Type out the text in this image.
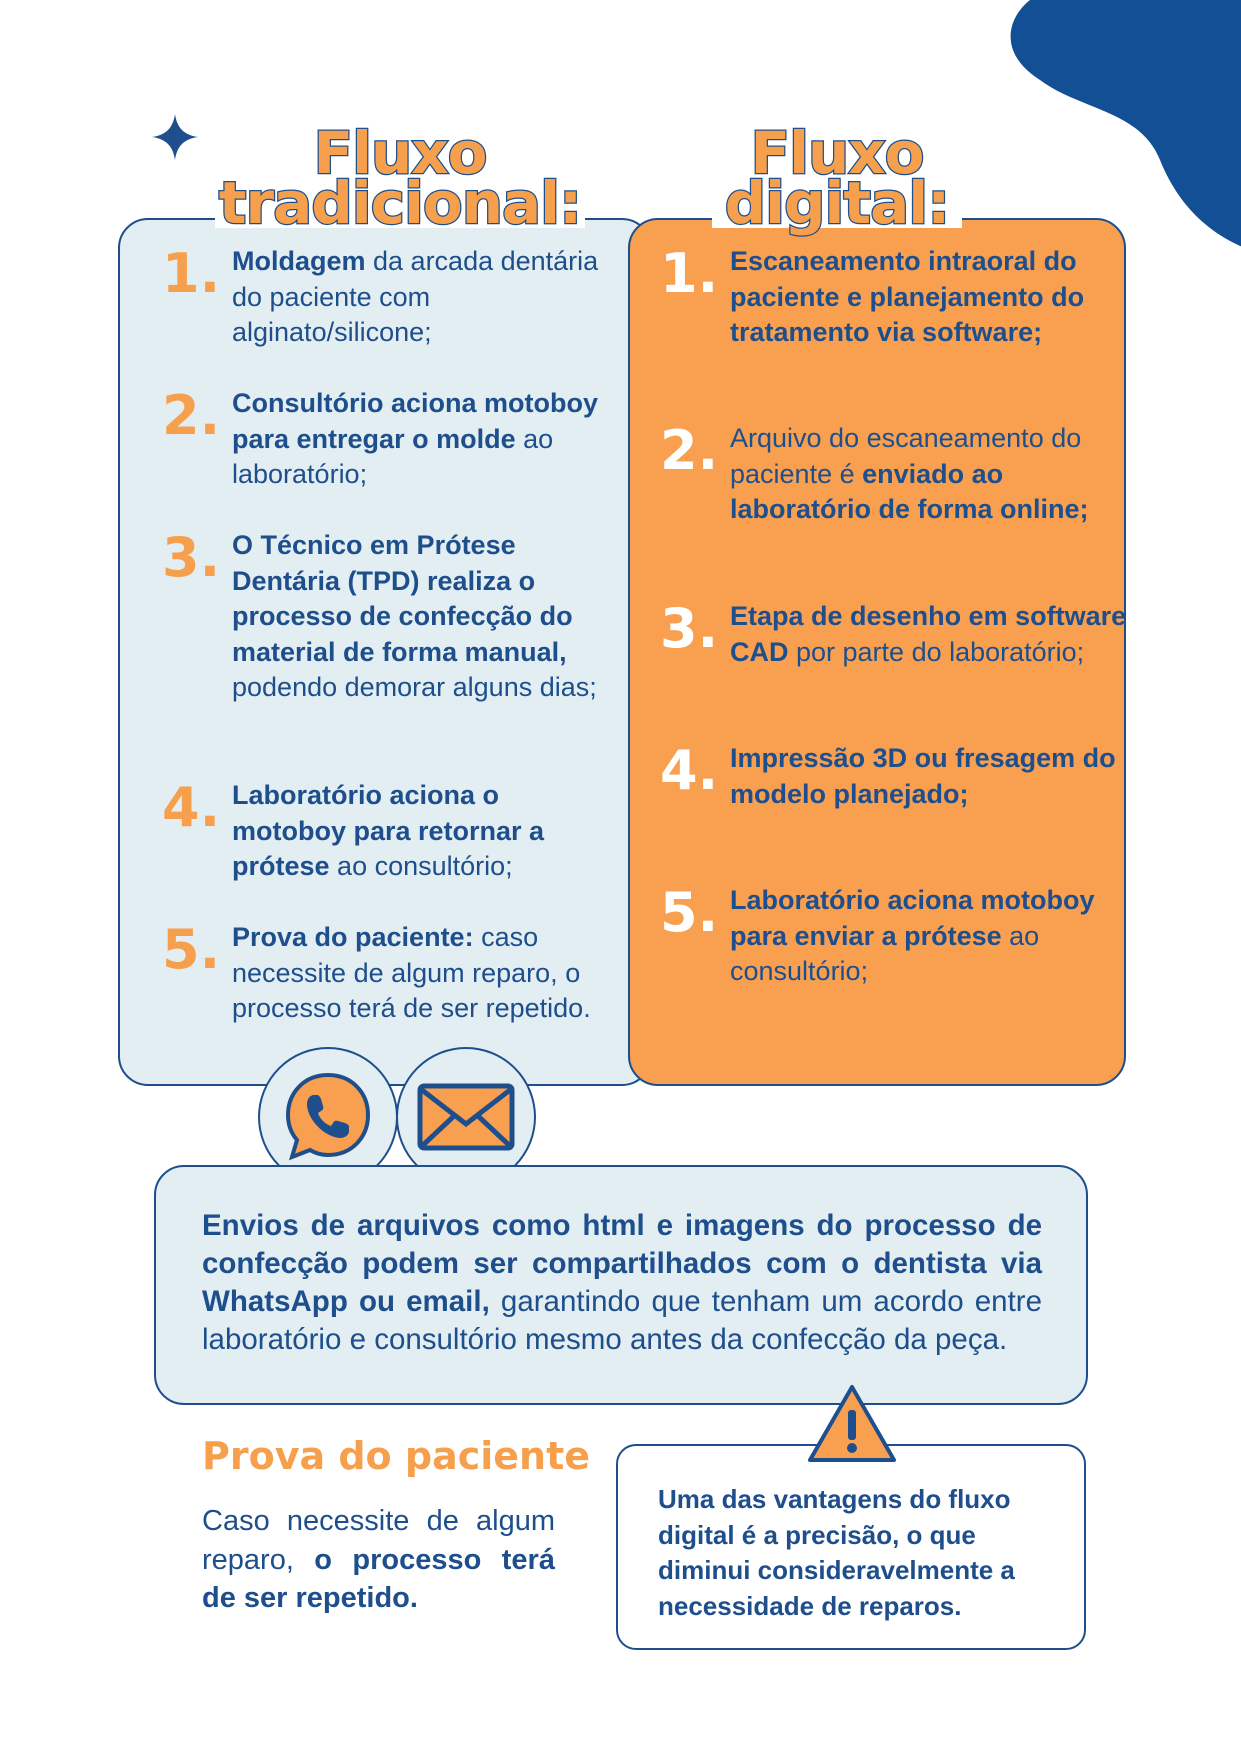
Fluxo
tradicional:
Fluxo
digital:
1. Moldagem da arcada dentária do paciente com alginato/silicone;
2. Consultório aciona motoboy para entregar o molde ao laboratório;
3. O Técnico em Prótese Dentária (TPD) realiza o processo de confecção do material de forma manual, podendo demorar alguns dias;
4. Laboratório aciona o motoboy para retornar a prótese ao consultório;
5. Prova do paciente: caso necessite de algum reparo, o processo terá de ser repetido.
1. Escaneamento intraoral do paciente e planejamento do tratamento via software;
2. Arquivo do escaneamento do paciente é enviado ao laboratório de forma online;
3. Etapa de desenho em software CAD por parte do laboratório;
4. Impressão 3D ou fresagem do modelo planejado;
5. Laboratório aciona motoboy para enviar a prótese ao consultório;
Envios de arquivos como html e imagens do processo de confecção podem ser compartilhados com o dentista via WhatsApp ou email, garantindo que tenham um acordo entre laboratório e consultório mesmo antes da confecção da peça.
Prova do paciente
Caso necessite de algum reparo, o processo terá de ser repetido.
Uma das vantagens do fluxo digital é a precisão, o que diminui consideravelmente a necessidade de reparos.
